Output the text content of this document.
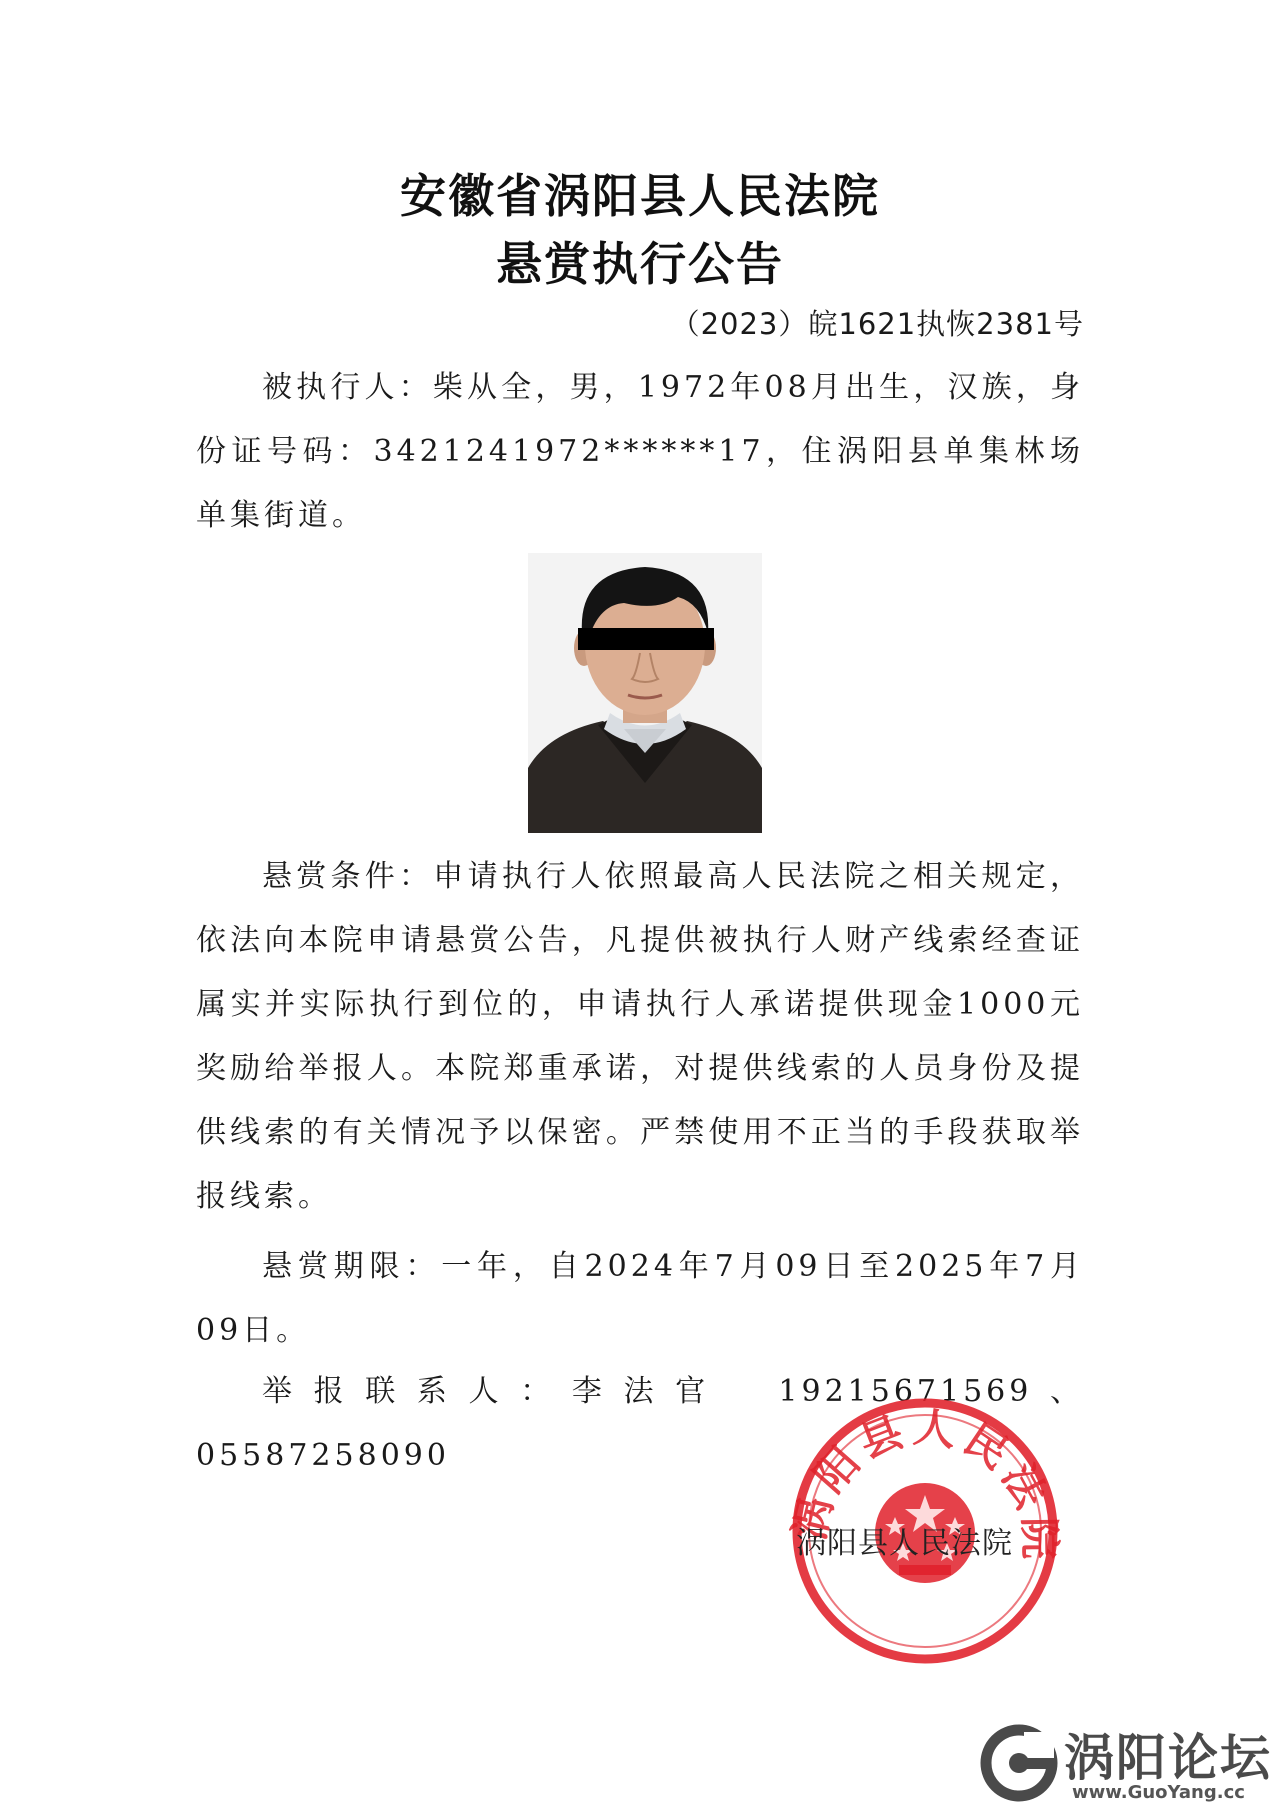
安徽省涡阳县人民法院
悬赏执行公告
（2023）皖1621执恢2381号

被执行人：柴从全，男，1972年08月出生，汉族，身份证号码：3421241972******17，住涡阳县单集林场单集街道。

悬赏条件：申请执行人依照最高人民法院之相关规定，依法向本院申请悬赏公告，凡提供被执行人财产线索经查证属实并实际执行到位的，申请执行人承诺提供现金1000元奖励给举报人。本院郑重承诺，对提供线索的人员身份及提供线索的有关情况予以保密。严禁使用不正当的手段获取举报线索。

悬赏期限：一年，自2024年7月09日至2025年7月09日。

举报联系人：李法官　19215671569、05587258090

涡阳县人民法院
涡阳县人民法院
涡阳论坛
www.GuoYang.cc
